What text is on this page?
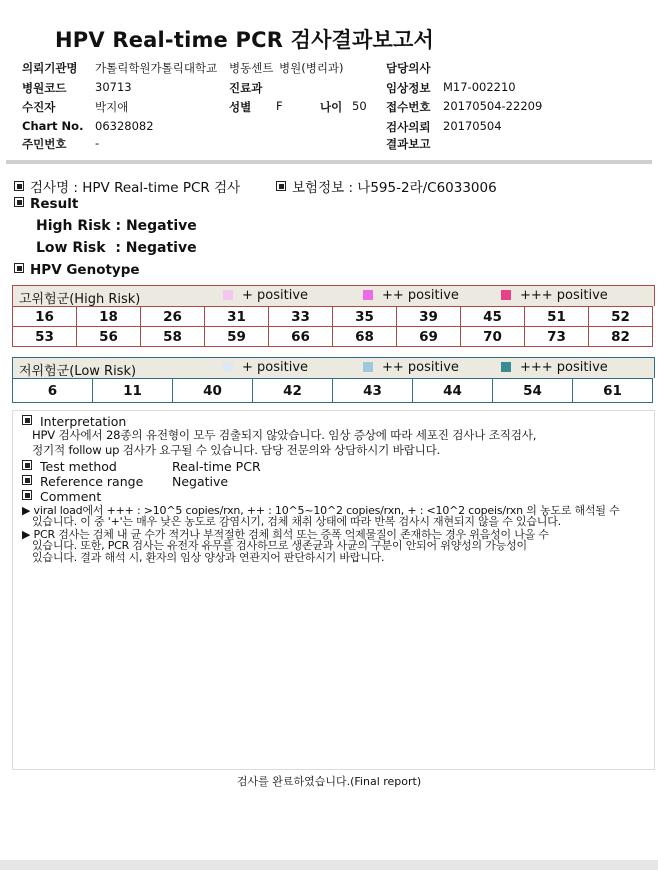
HPV Real-time PCR 검사결과보고서
의뢰기관명 가톨릭학원가톨릭대학교 병동센트 병원(병리과)	담당의사
병원코드 30713	진료과	임상정보 M17-002210
수진자	박지애	성별 F	나이 50 접수번호 20170504-22209
Chart No. 06328082	검사의뢰 20170504
주민번호 -	결과보고
검사명 : HPV Real-time PCR 검사	보험정보 : 나595-2라/C6033006
Result
High Risk : Negative
Low Risk  : Negative
HPV Genotype
고위험군(High Risk)	+ positive	++ positive	+++ positive
16	18	26	31	33	35	39	45	51	52
53	56	58	59	66	68	69	70	73	82
저위험군(Low Risk)	+ positive	++ positive	+++ positive
6	11	40	42	43	44	54	61
Interpretation
HPV 검사에서 28종의 유전형이 모두 검출되지 않았습니다. 임상 증상에 따라 세포진 검사나 조직검사,
정기적 follow up 검사가 요구될 수 있습니다. 담당 전문의와 상담하시기 바랍니다.
Test method	Real-time PCR
Reference range Negative
Comment
▶ viral load에서 +++ : >10^5 copies/rxn, ++ : 10^5~10^2 copies/rxn, + : <10^2 copeis/rxn 의 농도로 해석될 수
있습니다. 이 중 '+'는 매우 낮은 농도로 감염시기, 검체 채취 상태에 따라 반복 검사시 재현되지 않을 수 있습니다.
▶ PCR 검사는 검체 내 균 수가 적거나 부적절한 검체 희석 또는 증폭 억제물질이 존재하는 경우 위음성이 나올 수
있습니다. 또한, PCR 검사는 유전자 유무를 검사하므로 생존균과 사균의 구분이 안되어 위양성의 가능성이
있습니다. 결과 해석 시, 환자의 임상 양상과 연관지어 판단하시기 바랍니다.
검사를 완료하였습니다.(Final report)
